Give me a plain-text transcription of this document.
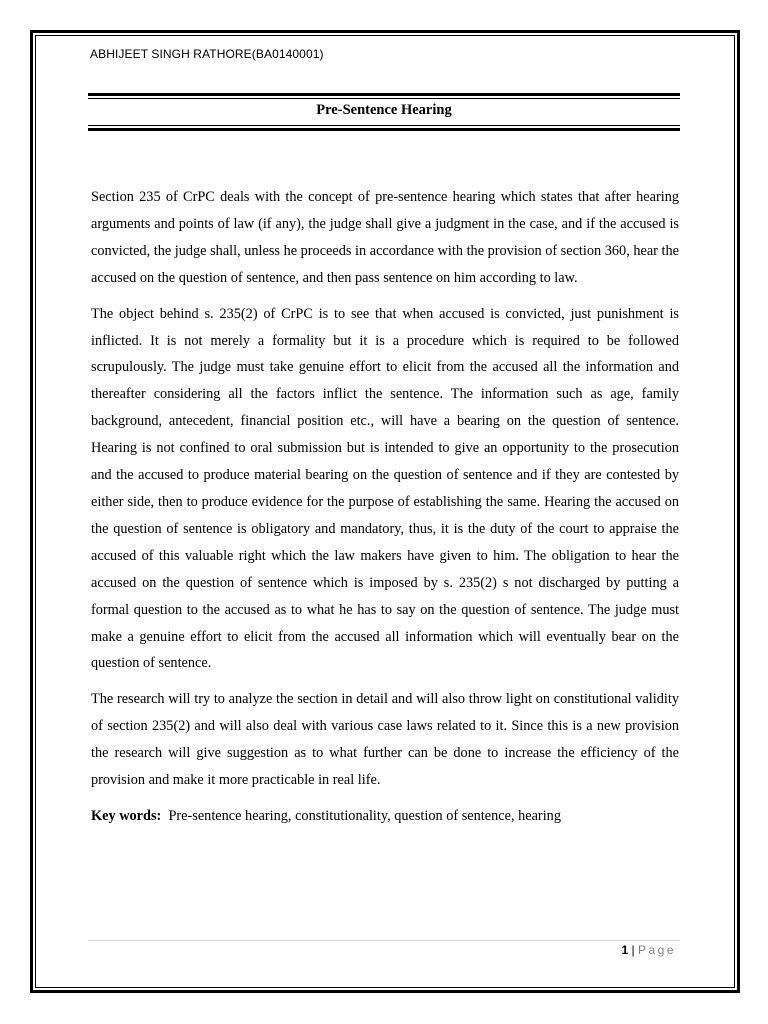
ABHIJEET SINGH RATHORE(BA0140001)
Pre-Sentence Hearing

Section 235 of CrPC deals with the concept of pre-sentence hearing which states that after hearing arguments and points of law (if any), the judge shall give a judgment in the case, and if the accused is convicted, the judge shall, unless he proceeds in accordance with the provision of section 360, hear the accused on the question of sentence, and then pass sentence on him according to law.

The object behind s. 235(2) of CrPC is to see that when accused is convicted, just punishment is inflicted. It is not merely a formality but it is a procedure which is required to be followed scrupulously. The judge must take genuine effort to elicit from the accused all the information and thereafter considering all the factors inflict the sentence. The information such as age, family background, antecedent, financial position etc., will have a bearing on the question of sentence. Hearing is not confined to oral submission but is intended to give an opportunity to the prosecution and the accused to produce material bearing on the question of sentence and if they are contested by either side, then to produce evidence for the purpose of establishing the same. Hearing the accused on the question of sentence is obligatory and mandatory, thus, it is the duty of the court to appraise the accused of this valuable right which the law makers have given to him. The obligation to hear the accused on the question of sentence which is imposed by s. 235(2) s not discharged by putting a formal question to the accused as to what he has to say on the question of sentence. The judge must make a genuine effort to elicit from the accused all information which will eventually bear on the question of sentence.

The research will try to analyze the section in detail and will also throw light on constitutional validity of section 235(2) and will also deal with various case laws related to it. Since this is a new provision the research will give suggestion as to what further can be done to increase the efficiency of the provision and make it more practicable in real life.

Key words: Pre-sentence hearing, constitutionality, question of sentence, hearing

1 | Page
